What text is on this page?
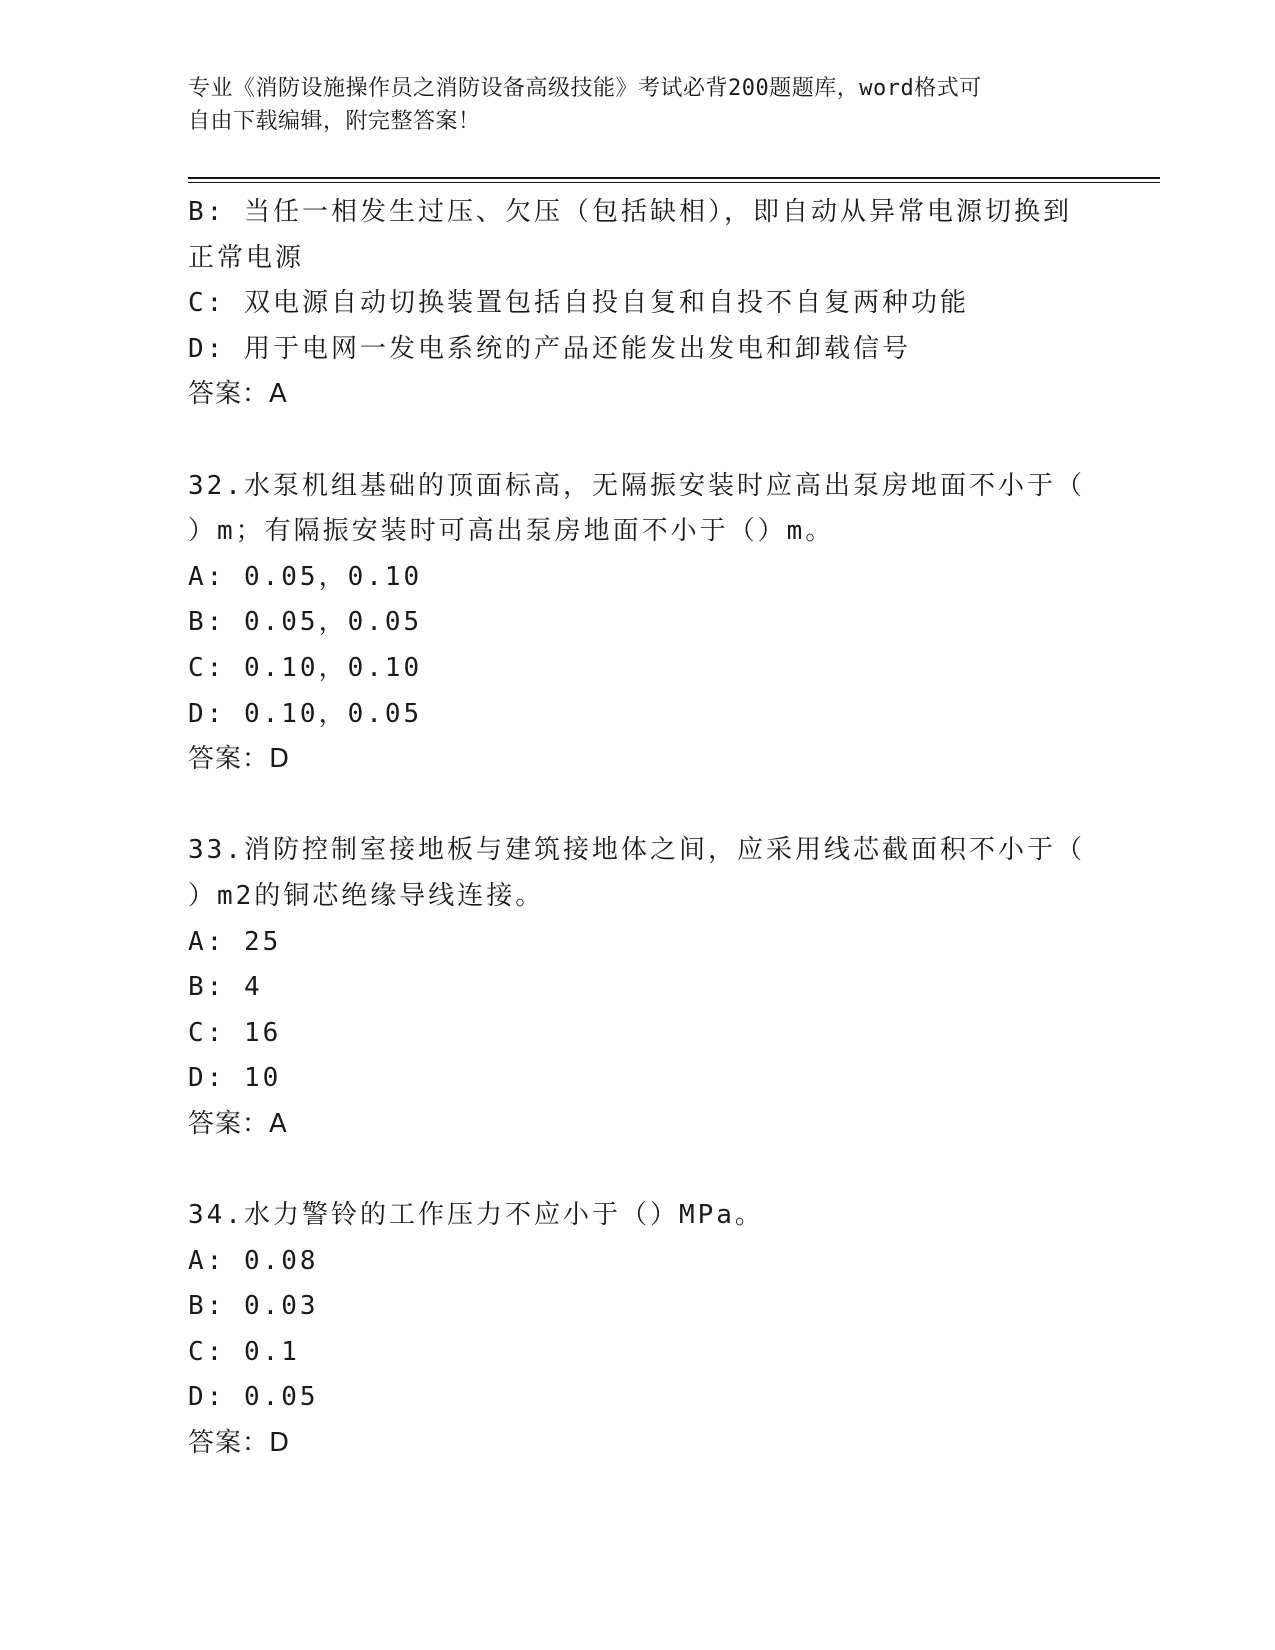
专业《消防设施操作员之消防设备高级技能》考试必背200题题库，word格式可
自由下载编辑，附完整答案！
B: 当任一相发生过压、欠压（包括缺相），即自动从异常电源切换到
正常电源
C: 双电源自动切换装置包括自投自复和自投不自复两种功能
D: 用于电网一发电系统的产品还能发出发电和卸载信号
答案：A
32.水泵机组基础的顶面标高，无隔振安装时应高出泵房地面不小于（
）m；有隔振安装时可高出泵房地面不小于（）m。
A: 0.05，0.10
B: 0.05，0.05
C: 0.10，0.10
D: 0.10，0.05
答案：D
33.消防控制室接地板与建筑接地体之间，应采用线芯截面积不小于（
）m2的铜芯绝缘导线连接。
A: 25
B: 4
C: 16
D: 10
答案：A
34.水力警铃的工作压力不应小于（）MPa。
A: 0.08
B: 0.03
C: 0.1
D: 0.05
答案：D
